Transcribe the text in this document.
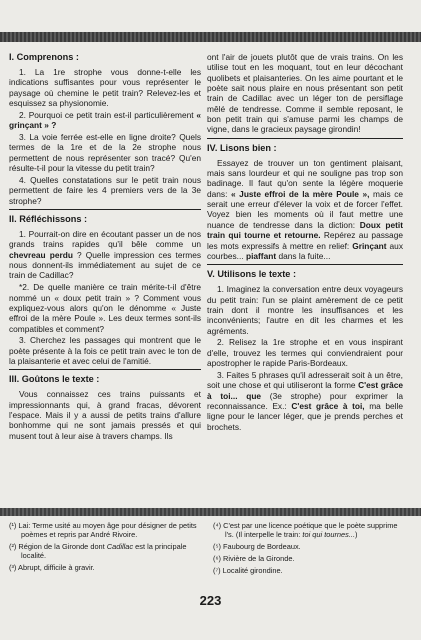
I. Comprenons :

1. La 1re strophe vous donne-t-elle les indications suffisantes pour vous représenter le paysage où chemine le petit train? Relevez-les et esquissez sa physionomie.

2. Pourquoi ce petit train est-il particulièrement « grinçant » ?

3. La voie ferrée est-elle en ligne droite? Quels termes de la 1re et de la 2e strophe nous permettent de nous représenter son tracé? Qu'en résulte-t-il pour la vitesse du petit train?

4. Quelles constatations sur le petit train nous permettent de faire les 4 premiers vers de la 3e strophe?

II. Réfléchissons :

1. Pourrait-on dire en écoutant passer un de nos grands trains rapides qu'il bêle comme un chevreau perdu ? Quelle impression ces termes nous donnent-ils immédiatement au sujet de ce train de Cadillac?

*2. De quelle manière ce train mérite-t-il d'être nommé un « doux petit train » ? Comment vous expliquez-vous alors qu'on le dénomme « Juste effroi de la mère Poule ». Les deux termes sont-ils compatibles et comment?

3. Cherchez les passages qui montrent que le poète présente à la fois ce petit train avec le ton de la plaisanterie et avec celui de l'amitié.

III. Goûtons le texte :

Vous connaissez ces trains puissants et impressionnants qui, à grand fracas, dévorent l'espace. Mais il y a aussi de petits trains d'allure bonhomme qui ne sont jamais pressés et qui musent tout à leur aise à travers champs. Ils

ont l'air de jouets plutôt que de vrais trains. On les utilise tout en les moquant, tout en leur décochant quolibets et plaisanteries. On les aime pourtant et le poète sait nous plaire en nous présentant son petit train de Cadillac avec un léger ton de persiflage mêlé de tendresse. Comme il semble reposant, le bon petit train qui s'amuse parmi les champs de vigne, dans le gracieux paysage girondin!

IV. Lisons bien :

Essayez de trouver un ton gentiment plaisant, mais sans lourdeur et qui ne souligne pas trop son badinage. Il faut qu'on sente la légère moquerie dans: « Juste effroi de la mère Poule », mais ce serait une erreur d'élever la voix et de forcer l'effet. Voyez bien les moments où il faut mettre une nuance de tendresse dans la diction: Doux petit train qui tourne et retourne. Repérez au passage les mots expressifs à mettre en relief: Grinçant aux courbes... piaffant dans la fuite...

V. Utilisons le texte :

1. Imaginez la conversation entre deux voyageurs du petit train: l'un se plaint amèrement de ce petit train dont il montre les insuffisances et les inconvénients; l'autre en dit les charmes et les agréments.

2. Relisez la 1re strophe et en vous inspirant d'elle, trouvez les termes qui conviendraient pour apostropher le rapide Paris-Bordeaux.

3. Faites 5 phrases qu'il adresserait soit à un être, soit une chose et qui utiliseront la forme C'est grâce à toi... que (3e strophe) pour exprimer la reconnaissance. Ex.: C'est grâce à toi, ma belle ligne pour le lancer léger, que je prends perches et brochets.

(¹) Lai: Terme usité au moyen âge pour désigner de petits poèmes et repris par André Rivoire.
(²) Région de la Gironde dont Cadillac est la principale localité.
(³) Abrupt, difficile à gravir.
(⁴) C'est par une licence poétique que le poète supprime l's. (Il interpelle le train: toi qui tournes...)
(⁵) Faubourg de Bordeaux.
(⁶) Rivière de la Gironde.
(⁷) Localité girondine.
223
